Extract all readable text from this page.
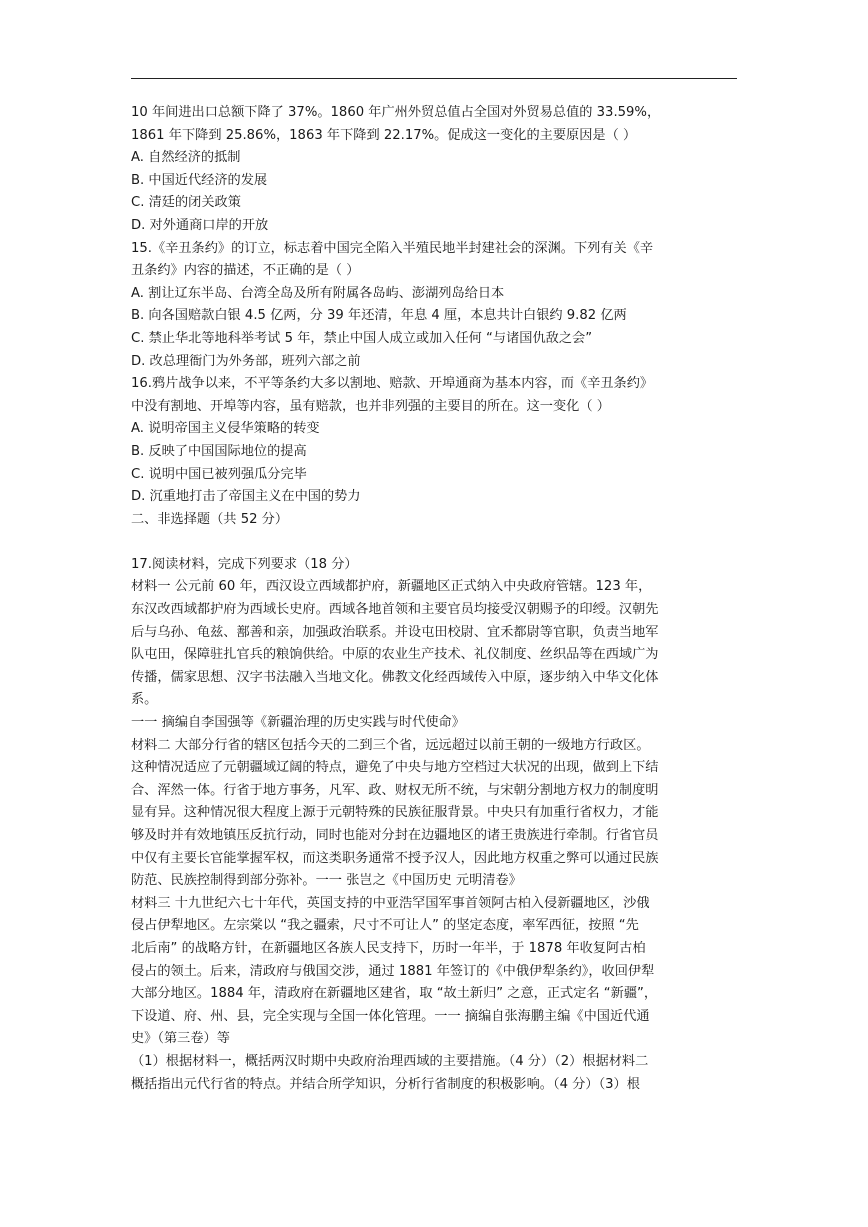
10 年间进出口总额下降了 37%。1860 年广州外贸总值占全国对外贸易总值的 33.59%，
1861 年下降到 25.86%，1863 年下降到 22.17%。促成这一变化的主要原因是（ ）
A. 自然经济的抵制
B. 中国近代经济的发展
C. 清廷的闭关政策
D. 对外通商口岸的开放
15.《辛丑条约》的订立，标志着中国完全陷入半殖民地半封建社会的深渊。下列有关《辛
丑条约》内容的描述，不正确的是（ ）
A. 割让辽东半岛、台湾全岛及所有附属各岛屿、澎湖列岛给日本
B. 向各国赔款白银 4.5 亿两，分 39 年还清，年息 4 厘，本息共计白银约 9.82 亿两
C. 禁止华北等地科举考试 5 年，禁止中国人成立或加入任何 “与诸国仇敌之会”
D. 改总理衙门为外务部，班列六部之前
16.鸦片战争以来，不平等条约大多以割地、赔款、开埠通商为基本内容，而《辛丑条约》
中没有割地、开埠等内容，虽有赔款，也并非列强的主要目的所在。这一变化（ ）
A. 说明帝国主义侵华策略的转变
B. 反映了中国国际地位的提高
C. 说明中国已被列强瓜分完毕
D. 沉重地打击了帝国主义在中国的势力
二、非选择题（共 52 分）
17.阅读材料，完成下列要求（18 分）
材料一 公元前 60 年，西汉设立西域都护府，新疆地区正式纳入中央政府管辖。123 年，
东汉改西域都护府为西域长史府。西域各地首领和主要官员均接受汉朝赐予的印绶。汉朝先
后与乌孙、龟兹、鄯善和亲，加强政治联系。并设屯田校尉、宜禾都尉等官职，负责当地军
队屯田，保障驻扎官兵的粮饷供给。中原的农业生产技术、礼仪制度、丝织品等在西域广为
传播，儒家思想、汉字书法融入当地文化。佛教文化经西域传入中原，逐步纳入中华文化体
系。
一一 摘编自李国强等《新疆治理的历史实践与时代使命》
材料二 大部分行省的辖区包括今天的二到三个省，远远超过以前王朝的一级地方行政区。
这种情况适应了元朝疆域辽阔的特点，避免了中央与地方空档过大状况的出现，做到上下结
合、浑然一体。行省于地方事务，凡军、政、财权无所不统，与宋朝分割地方权力的制度明
显有异。这种情况很大程度上源于元朝特殊的民族征服背景。中央只有加重行省权力，才能
够及时并有效地镇压反抗行动，同时也能对分封在边疆地区的诸王贵族进行牵制。行省官员
中仅有主要长官能掌握军权，而这类职务通常不授予汉人，因此地方权重之弊可以通过民族
防范、民族控制得到部分弥补。一一 张岂之《中国历史 元明清卷》
材料三 十九世纪六七十年代，英国支持的中亚浩罕国军事首领阿古柏入侵新疆地区，沙俄
侵占伊犁地区。左宗棠以 “我之疆索，尺寸不可让人” 的坚定态度，率军西征，按照 “先
北后南” 的战略方针，在新疆地区各族人民支持下，历时一年半，于 1878 年收复阿古柏
侵占的领土。后来，清政府与俄国交涉，通过 1881 年签订的《中俄伊犁条约》，收回伊犁
大部分地区。1884 年，清政府在新疆地区建省，取 “故土新归” 之意，正式定名 “新疆”，
下设道、府、州、县，完全实现与全国一体化管理。一一 摘编自张海鹏主编《中国近代通
史》（第三卷）等
（1）根据材料一，概括两汉时期中央政府治理西域的主要措施。（4 分）（2）根据材料二
概括指出元代行省的特点。并结合所学知识，分析行省制度的积极影响。（4 分）（3）根
